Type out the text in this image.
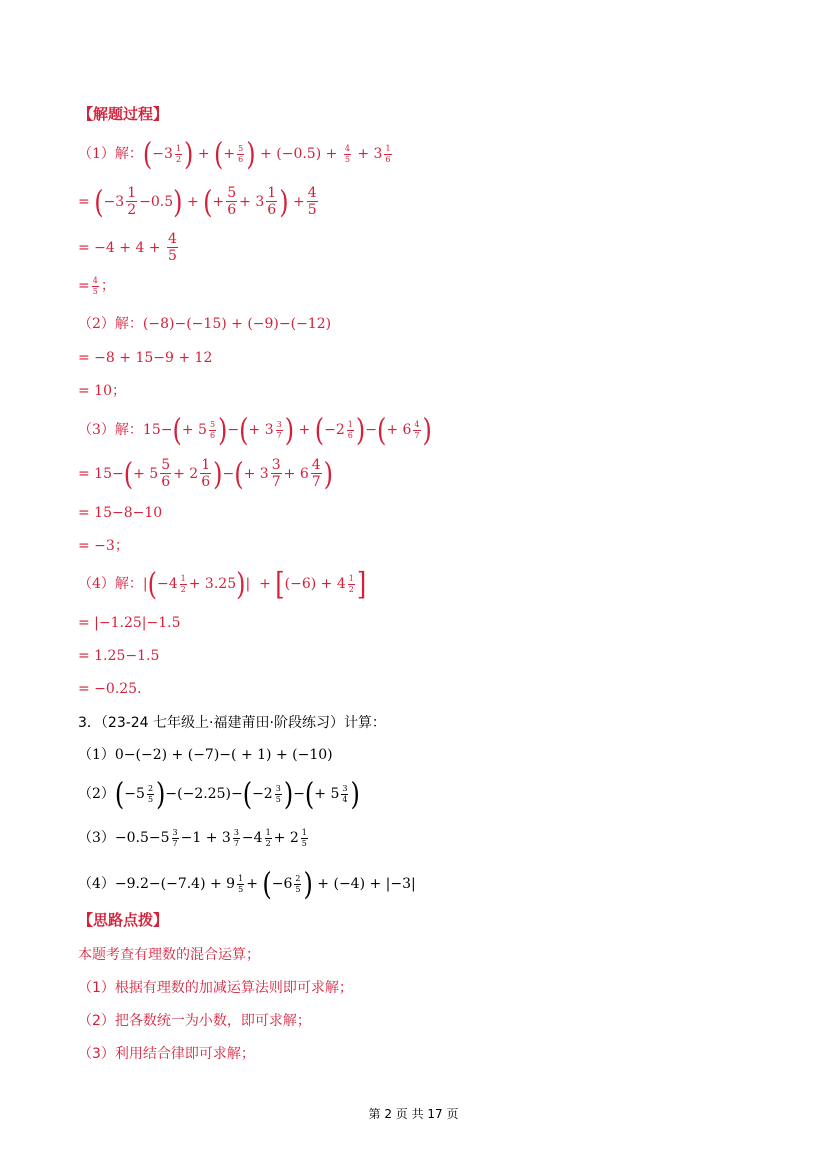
【解题过程】
（1）解： ( $-3 \frac{1}{2}$ ) + ( + $\frac{5}{6}$ ) + $(-0.5) + \frac{4}{5} + 3 \frac{1}{6}$
= ( $-3 \frac{1}{2} -0.5$ ) + ( + $\frac{5}{6} + 3 \frac{1}{6}$ ) + $\frac{4}{5}$
= $-4 + 4 + \frac{4}{5}$
= $\frac{4}{5}$ ；
（2）解： (−8)−(−15) + (−9)−(−12)
= −8 + 15−9 + 12
= 10；
（3）解： 15− ( + $5 \frac{5}{6}$ ) − ( + $3 \frac{3}{7}$ ) + ( $-2 \frac{1}{6}$ ) − ( + $6 \frac{4}{7}$ )
= 15− ( + $5 \frac{5}{6} + 2 \frac{1}{6}$ ) − ( + $3 \frac{3}{7} + 6 \frac{4}{7}$ )
= 15−8−10
= −3；
（4）解： | ( $-4 \frac{1}{2} + 3.25$ ) |  + [ $(-6) + 4 \frac{1}{2}$ ]
= |−1.25|−1.5
= 1.25−1.5
= −0.25．
3．（23-24 七年级上·福建莆田·阶段练习）计算：
（1）0−(−2) + (−7)−( + 1) + (−10)
（2） ( $-5 \frac{2}{5}$ ) −(−2.25)− ( $-2 \frac{3}{5}$ ) − ( + $5 \frac{3}{4}$ )
$(3)-0.5-5 \frac{3}{7} -1 + 3 \frac{3}{7} -4 \frac{1}{2} + 2 \frac{1}{5}$
$(4)-9.2-(-7.4) + 9 \frac{1}{5}$ + ( $-6 \frac{2}{5}$ ) + (−4) + |−3|
【思路点拨】
本题考查有理数的混合运算；
（1）根据有理数的加减运算法则即可求解；
（2）把各数统一为小数，即可求解；
（3）利用结合律即可求解；
第 2 页 共 17 页
